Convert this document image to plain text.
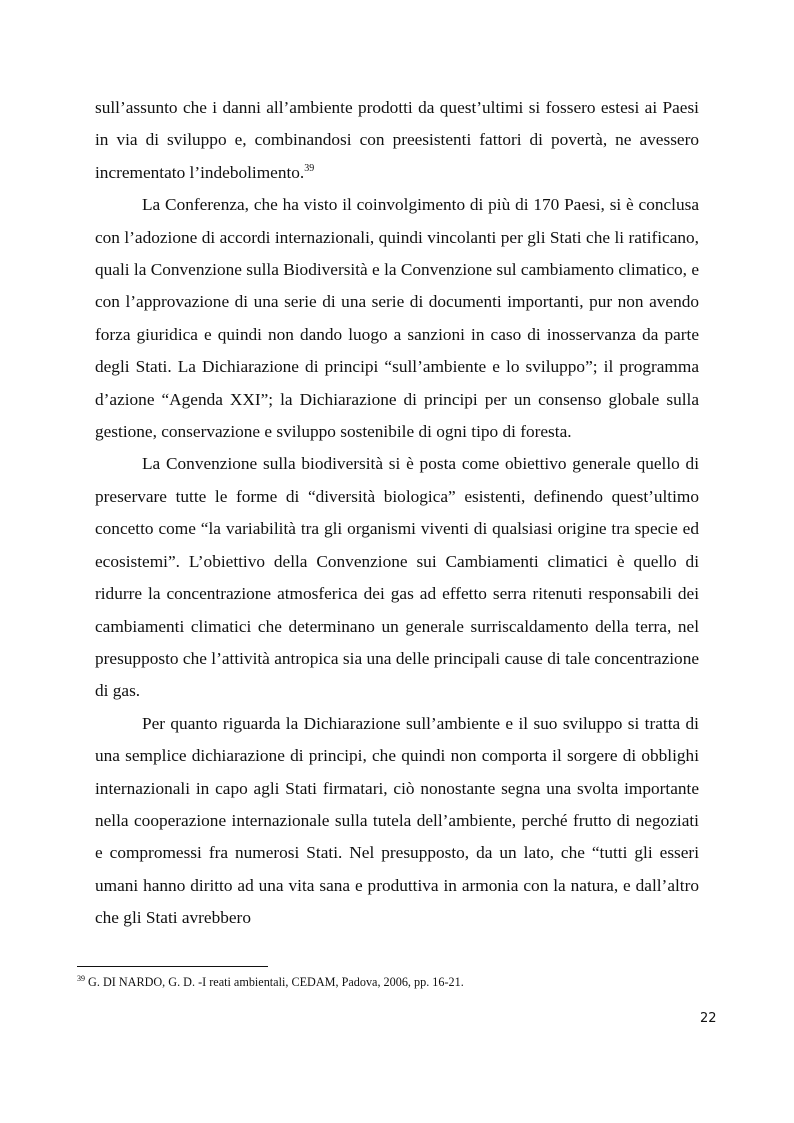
sull’assunto che i danni all’ambiente prodotti da quest’ultimi si fossero estesi ai Paesi in via di sviluppo e, combinandosi con preesistenti fattori di povertà, ne avessero incrementato l’indebolimento.$^{39}$

La Conferenza, che ha visto il coinvolgimento di più di 170 Paesi, si è conclusa con l’adozione di accordi internazionali, quindi vincolanti per gli Stati che li ratificano, quali la Convenzione sulla Biodiversità e la Convenzione sul cambiamento climatico, e con l’approvazione di una serie di una serie di documenti importanti, pur non avendo forza giuridica e quindi non dando luogo a sanzioni in caso di inosservanza da parte degli Stati. La Dichiarazione di principi “sull’ambiente e lo sviluppo”; il programma d’azione “Agenda XXI”; la Dichiarazione di principi per un consenso globale sulla gestione, conservazione e sviluppo sostenibile di ogni tipo di foresta.

La Convenzione sulla biodiversità si è posta come obiettivo generale quello di preservare tutte le forme di “diversità biologica” esistenti, definendo quest’ultimo concetto come “la variabilità tra gli organismi viventi di qualsiasi origine tra specie ed ecosistemi”. L’obiettivo della Convenzione sui Cambiamenti climatici è quello di ridurre la concentrazione atmosferica dei gas ad effetto serra ritenuti responsabili dei cambiamenti climatici che determinano un generale surriscaldamento della terra, nel presupposto che l’attività antropica sia una delle principali cause di tale concentrazione di gas.

Per quanto riguarda la Dichiarazione sull’ambiente e il suo sviluppo si tratta di una semplice dichiarazione di principi, che quindi non comporta il sorgere di obblighi internazionali in capo agli Stati firmatari, ciò nonostante segna una svolta importante nella cooperazione internazionale sulla tutela dell’ambiente, perché frutto di negoziati e compromessi fra numerosi Stati. Nel presupposto, da un lato, che “tutti gli esseri umani hanno diritto ad una vita sana e produttiva in armonia con la natura, e dall’altro che gli Stati avrebbero

$^{39}$ G. DI NARDO, G. D. -I reati ambientali, CEDAM, Padova, 2006, pp. 16-21.
22
